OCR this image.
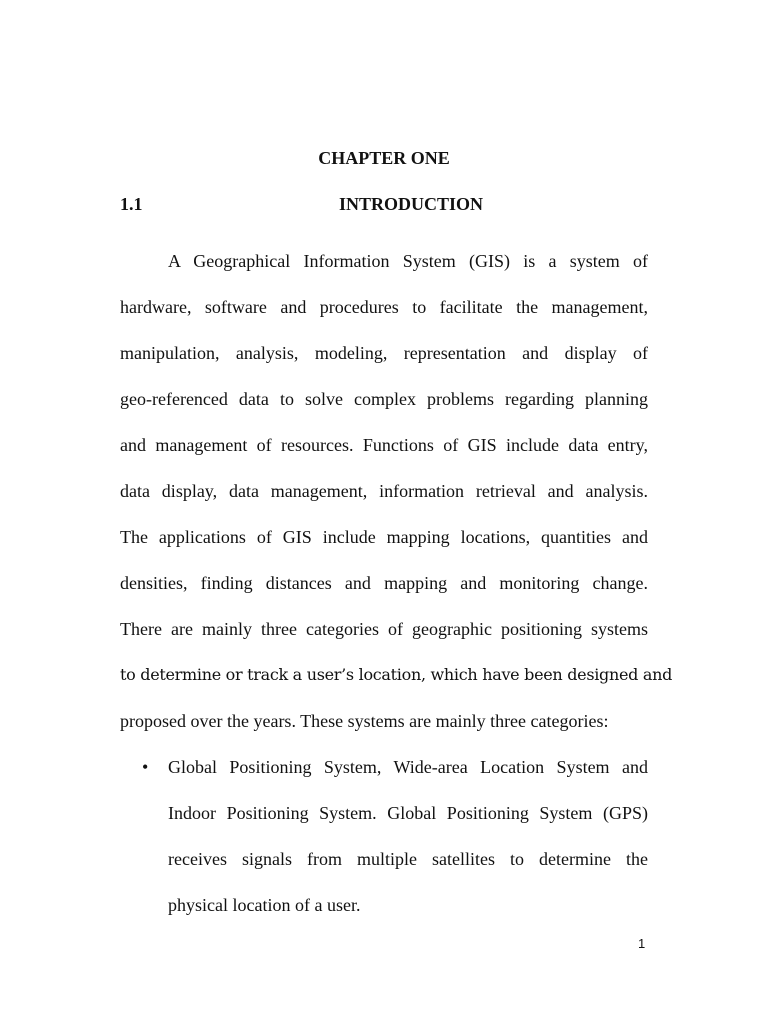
CHAPTER ONE
1.1	INTRODUCTION
A Geographical Information System (GIS) is a system of
hardware, software and procedures to facilitate the management,
manipulation, analysis, modeling, representation and display of
geo-referenced data to solve complex problems regarding planning
and management of resources. Functions of GIS include data entry,
data display, data management, information retrieval and analysis.
The applications of GIS include mapping locations, quantities and
densities, finding distances and mapping and monitoring change.
There are mainly three categories of geographic positioning systems
to determine or track a user’s location, which have been designed and
proposed over the years. These systems are mainly three categories:
• Global Positioning System, Wide-area Location System and
Indoor Positioning System. Global Positioning System (GPS)
receives signals from multiple satellites to determine the
physical location of a user.
1
